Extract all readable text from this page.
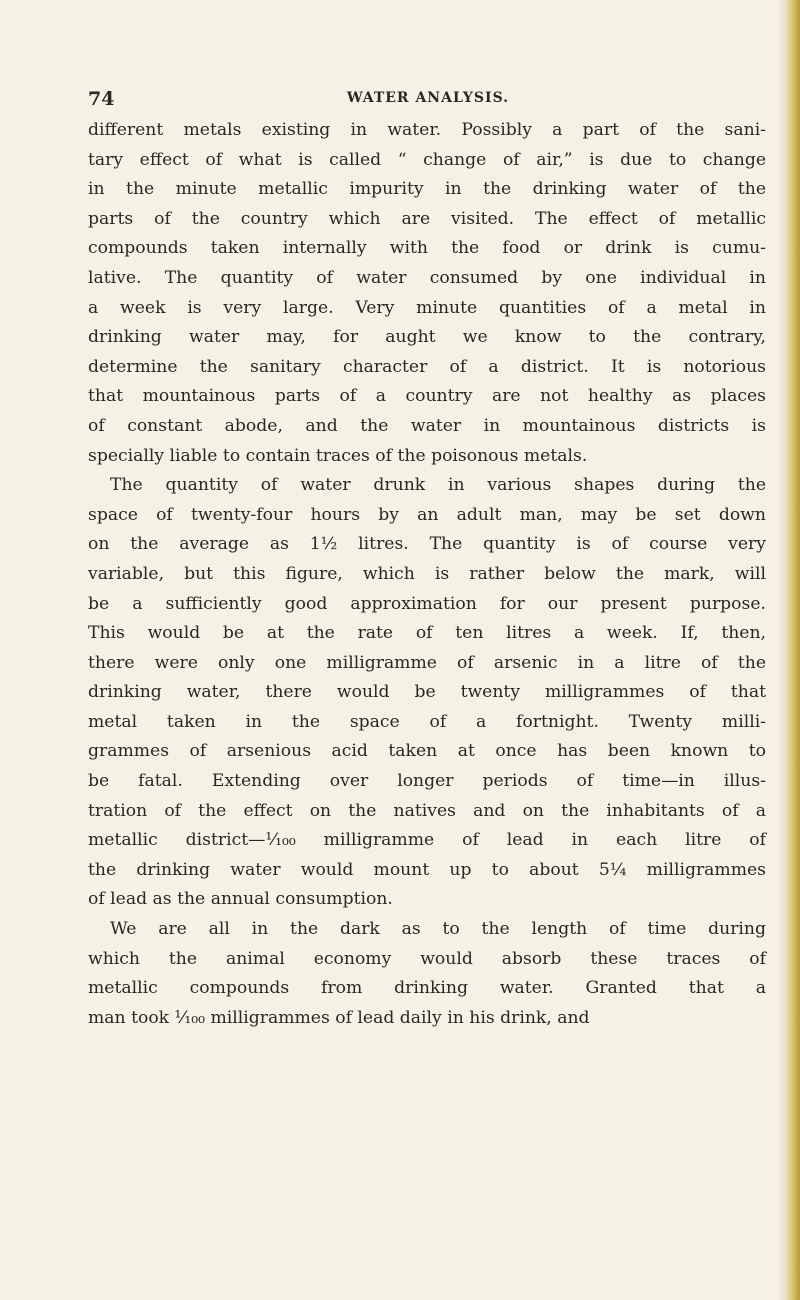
74	WATER ANALYSIS.
different metals existing in water. Possibly a part of the sani-
tary effect of what is called “ change of air,” is due to change
in the minute metallic impurity in the drinking water of the
parts of the country which are visited. The effect of metallic
compounds taken internally with the food or drink is cumu-
lative. The quantity of water consumed by one individual in
a week is very large. Very minute quantities of a metal in
drinking water may, for aught we know to the contrary,
determine the sanitary character of a district. It is notorious
that mountainous parts of a country are not healthy as places
of constant abode, and the water in mountainous districts is
specially liable to contain traces of the poisonous metals.
The quantity of water drunk in various shapes during the
space of twenty-four hours by an adult man, may be set down
on the average as 1½ litres. The quantity is of course very
variable, but this figure, which is rather below the mark, will
be a sufficiently good approximation for our present purpose.
This would be at the rate of ten litres a week. If, then,
there were only one milligramme of arsenic in a litre of the
drinking water, there would be twenty milligrammes of that
metal taken in the space of a fortnight. Twenty milli-
grammes of arsenious acid taken at once has been known to
be fatal. Extending over longer periods of time—in illus-
tration of the effect on the natives and on the inhabitants of a
metallic district—¹⁄₁₀₀ milligramme of lead in each litre of
the drinking water would mount up to about 5¼ milligrammes
of lead as the annual consumption.
We are all in the dark as to the length of time during
which the animal economy would absorb these traces of
metallic compounds from drinking water. Granted that a
man took ¹⁄₁₀₀ milligrammes of lead daily in his drink, and
